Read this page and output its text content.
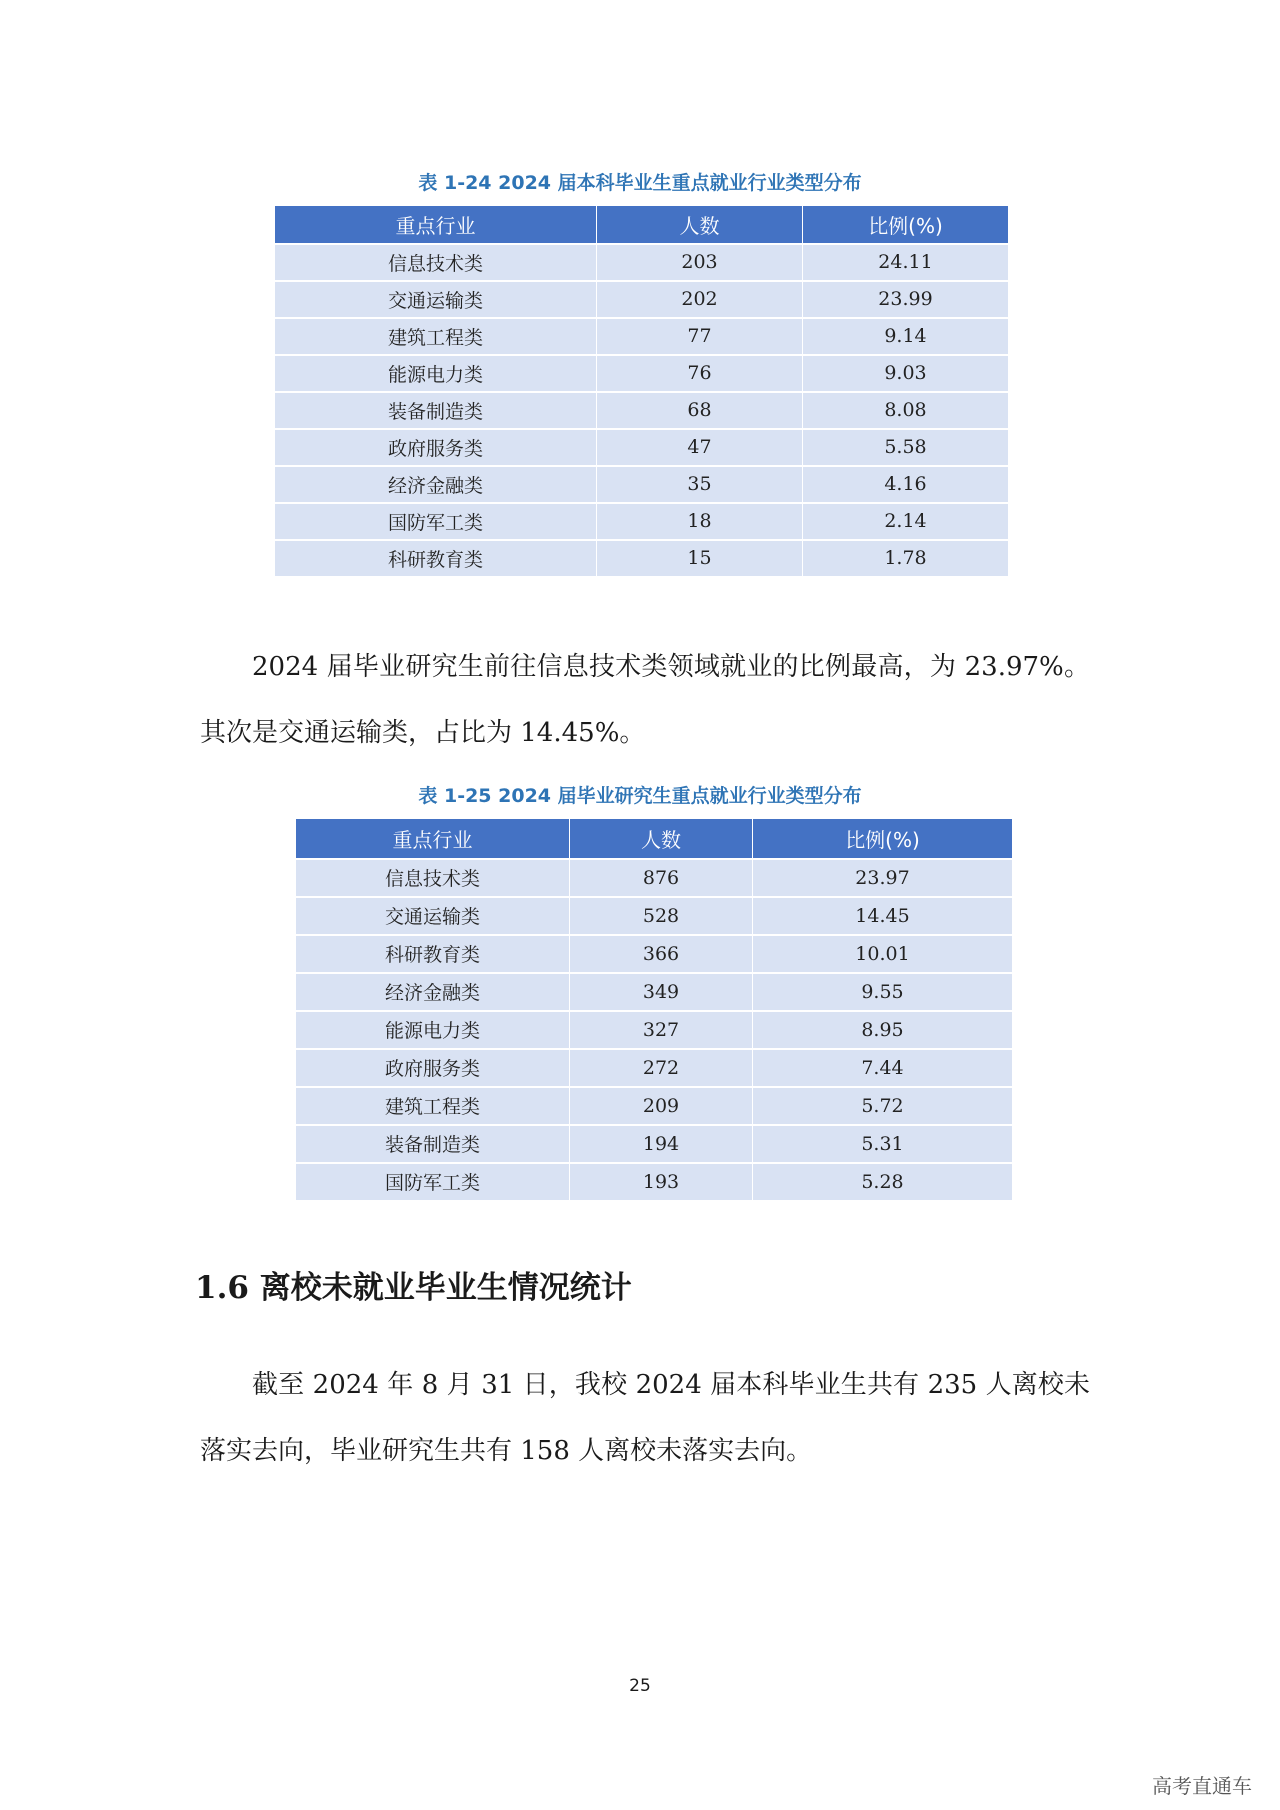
表 1-24 2024 届本科毕业生重点就业行业类型分布
重点行业	人数	比例(%)
信息技术类	203	24.11
交通运输类	202	23.99
建筑工程类	77	9.14
能源电力类	76	9.03
装备制造类	68	8.08
政府服务类	47	5.58
经济金融类	35	4.16
国防军工类	18	2.14
科研教育类	15	1.78

2024 届毕业研究生前往信息技术类领域就业的比例最高，为 23.97%。其次是交通运输类，占比为 14.45%。

表 1-25 2024 届毕业研究生重点就业行业类型分布
重点行业	人数	比例(%)
信息技术类	876	23.97
交通运输类	528	14.45
科研教育类	366	10.01
经济金融类	349	9.55
能源电力类	327	8.95
政府服务类	272	7.44
建筑工程类	209	5.72
装备制造类	194	5.31
国防军工类	193	5.28
1.6 离校未就业毕业生情况统计

截至 2024 年 8 月 31 日，我校 2024 届本科毕业生共有 235 人离校未落实去向，毕业研究生共有 158 人离校未落实去向。

25
高考直通车
